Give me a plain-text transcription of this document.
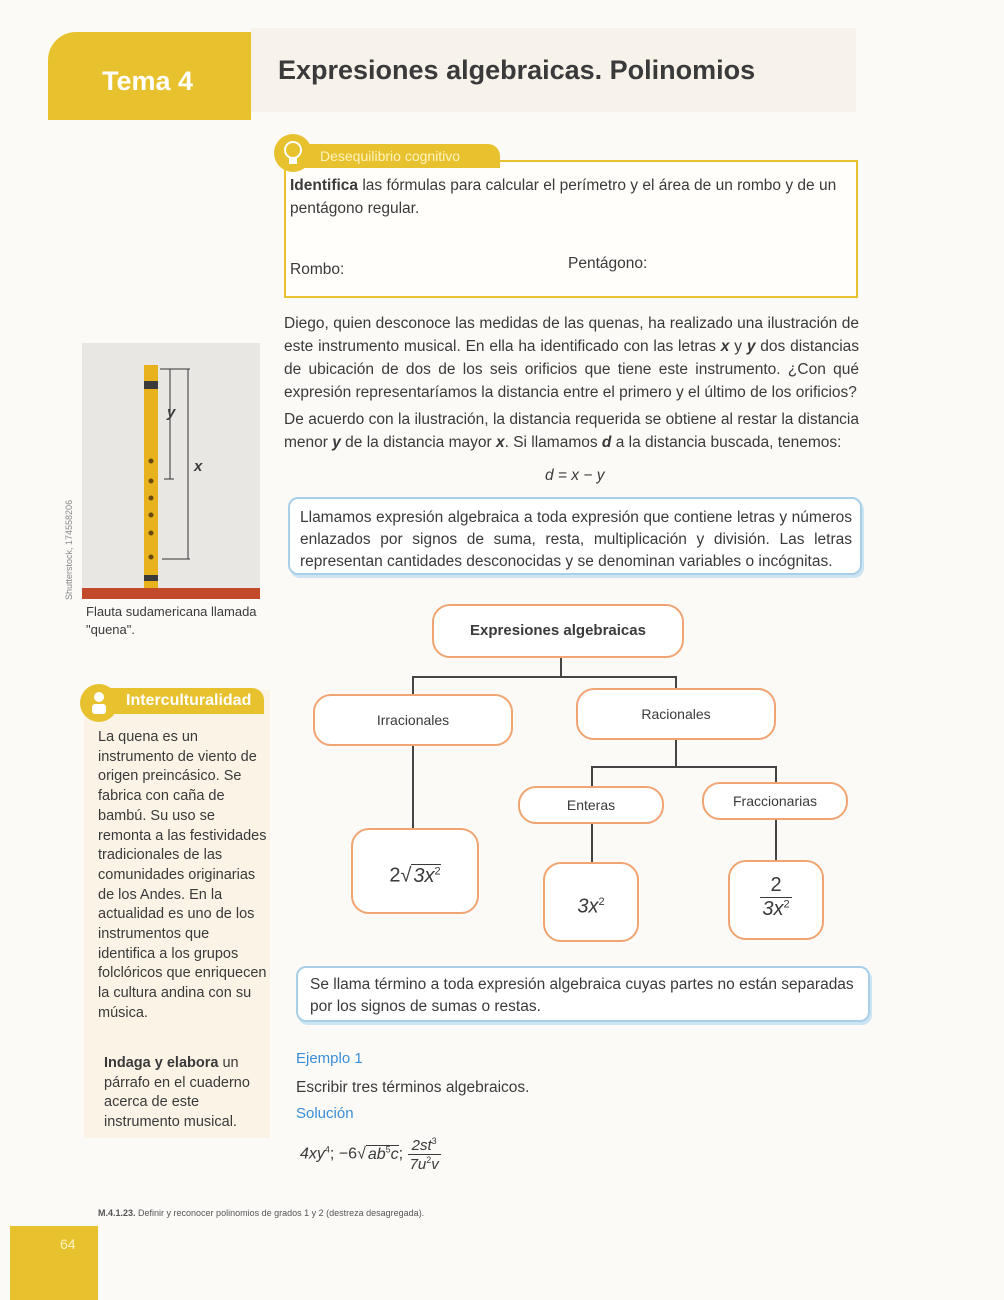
Tema 4	Expresiones algebraicas. Polinomios
Identifica las fórmulas para calcular el perímetro y el área de un rombo y de un pentágono regular.
Rombo:	Pentágono:
Desequilibrio cognitivo
Diego, quien desconoce las medidas de las quenas, ha realizado una ilustración de este instrumento musical. En ella ha identificado con las letras x y y dos distancias de ubicación de dos de los seis orificios que tiene este instrumento. ¿Con qué expresión representaríamos la distancia entre el primero y el último de los orificios?
De acuerdo con la ilustración, la distancia requerida se obtiene al restar la distancia menor y de la distancia mayor x. Si llamamos d a la distancia buscada, tenemos:
d = x − y
y
x
Shutterstock, 174558206
Flauta sudamericana llamada "quena".
Llamamos expresión algebraica a toda expresión que contiene letras y números enlazados por signos de suma, resta, multiplicación y división. Las letras representan cantidades desconocidas y se denominan variables o incógnitas.
Expresiones algebraicas
Irracionales	Racionales
Enteras	Fraccionarias
2√ $3x^2$
$3x^2$	$\frac{2}{3x^2}$
Interculturalidad
La quena es un instrumento de viento de origen preincásico. Se fabrica con caña de bambú. Su uso se remonta a las festividades tradicionales de las comunidades originarias de los Andes. En la actualidad es uno de los instrumentos que identifica a los grupos folclóricos que enriquecen la cultura andina con su música.
Indaga y elabora un párrafo en el cuaderno acerca de este instrumento musical.
Se llama término a toda expresión algebraica cuyas partes no están separadas por los signos de sumas o restas.
Ejemplo 1
Escribir tres términos algebraicos.
Solución
$4xy^4$; −6√ $ab^5c$; $\frac{2st^3}{7u^2v}$
M.4.1.23. Definir y reconocer polinomios de grados 1 y 2 (destreza desagregada).
64
